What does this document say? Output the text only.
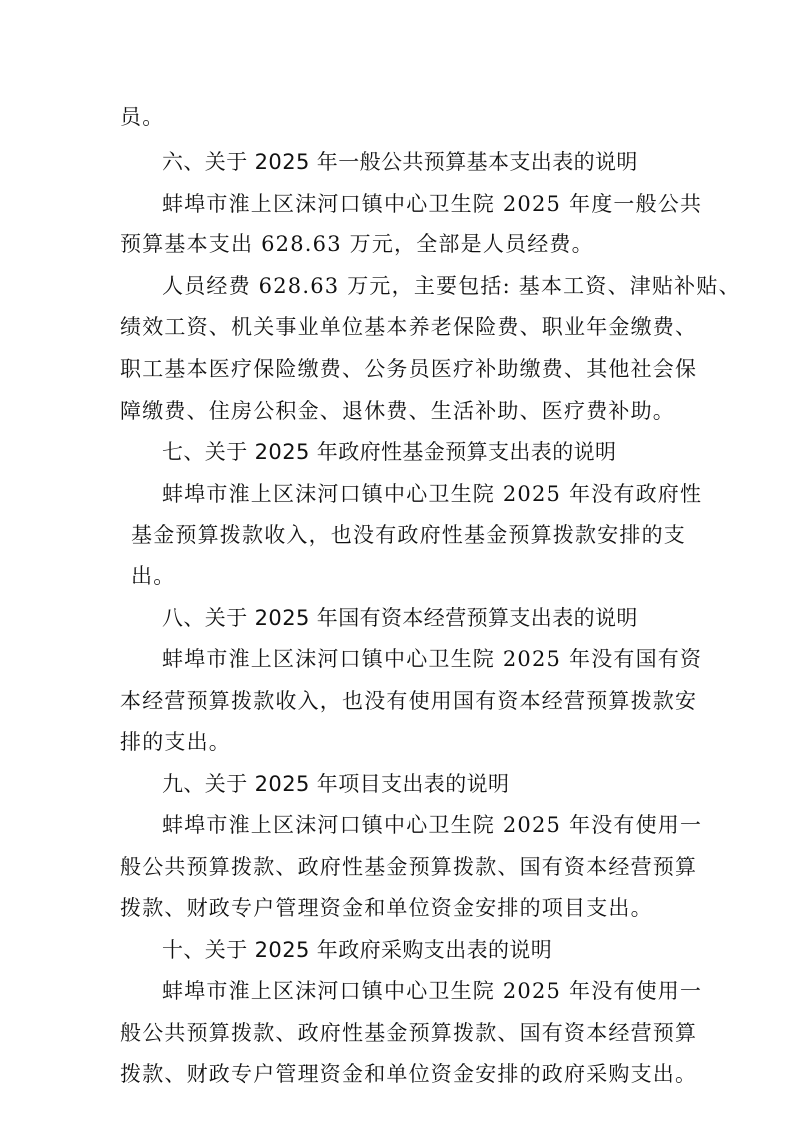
员。

六、关于 2025 年一般公共预算基本支出表的说明

蚌埠市淮上区沫河口镇中心卫生院 2025 年度一般公共

预算基本支出 628.63 万元，全部是人员经费。

人员经费 628.63 万元，主要包括: 基本工资、津贴补贴、

绩效工资、机关事业单位基本养老保险费、职业年金缴费、

职工基本医疗保险缴费、公务员医疗补助缴费、其他社会保

障缴费、住房公积金、退休费、生活补助、医疗费补助。

七、关于 2025 年政府性基金预算支出表的说明

蚌埠市淮上区沫河口镇中心卫生院 2025 年没有政府性

基金预算拨款收入，也没有政府性基金预算拨款安排的支

出。

八、关于 2025 年国有资本经营预算支出表的说明

蚌埠市淮上区沫河口镇中心卫生院 2025 年没有国有资

本经营预算拨款收入，也没有使用国有资本经营预算拨款安

排的支出。

九、关于 2025 年项目支出表的说明

蚌埠市淮上区沫河口镇中心卫生院 2025 年没有使用一

般公共预算拨款、政府性基金预算拨款、国有资本经营预算

拨款、财政专户管理资金和单位资金安排的项目支出。

十、关于 2025 年政府采购支出表的说明

蚌埠市淮上区沫河口镇中心卫生院 2025 年没有使用一

般公共预算拨款、政府性基金预算拨款、国有资本经营预算

拨款、财政专户管理资金和单位资金安排的政府采购支出。
